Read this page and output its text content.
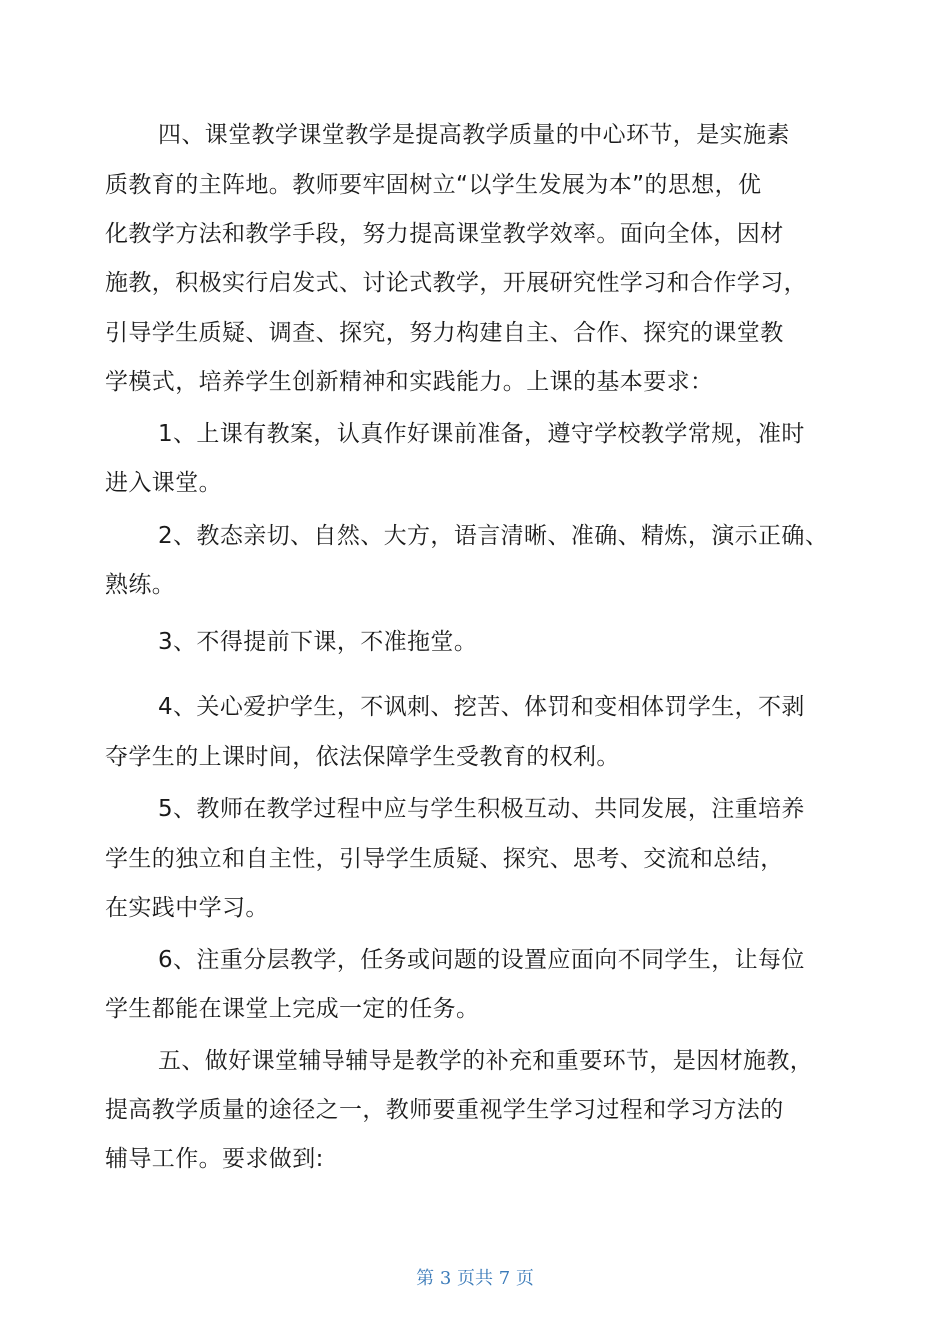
四、课堂教学课堂教学是提高教学质量的中心环节，是实施素
质教育的主阵地。教师要牢固树立“以学生发展为本”的思想，优
化教学方法和教学手段，努力提高课堂教学效率。面向全体，因材
施教，积极实行启发式、讨论式教学，开展研究性学习和合作学习，
引导学生质疑、调查、探究，努力构建自主、合作、探究的课堂教
学模式，培养学生创新精神和实践能力。上课的基本要求：
1、上课有教案，认真作好课前准备，遵守学校教学常规，准时
进入课堂。
2、教态亲切、自然、大方，语言清晰、准确、精炼，演示正确、
熟练。
3、不得提前下课，不准拖堂。
4、关心爱护学生，不讽刺、挖苦、体罚和变相体罚学生，不剥
夺学生的上课时间，依法保障学生受教育的权利。
5、教师在教学过程中应与学生积极互动、共同发展，注重培养
学生的独立和自主性，引导学生质疑、探究、思考、交流和总结，
在实践中学习。
6、注重分层教学，任务或问题的设置应面向不同学生，让每位
学生都能在课堂上完成一定的任务。
五、做好课堂辅导辅导是教学的补充和重要环节，是因材施教，
提高教学质量的途径之一，教师要重视学生学习过程和学习方法的
辅导工作。要求做到:
第 3 页共 7 页
